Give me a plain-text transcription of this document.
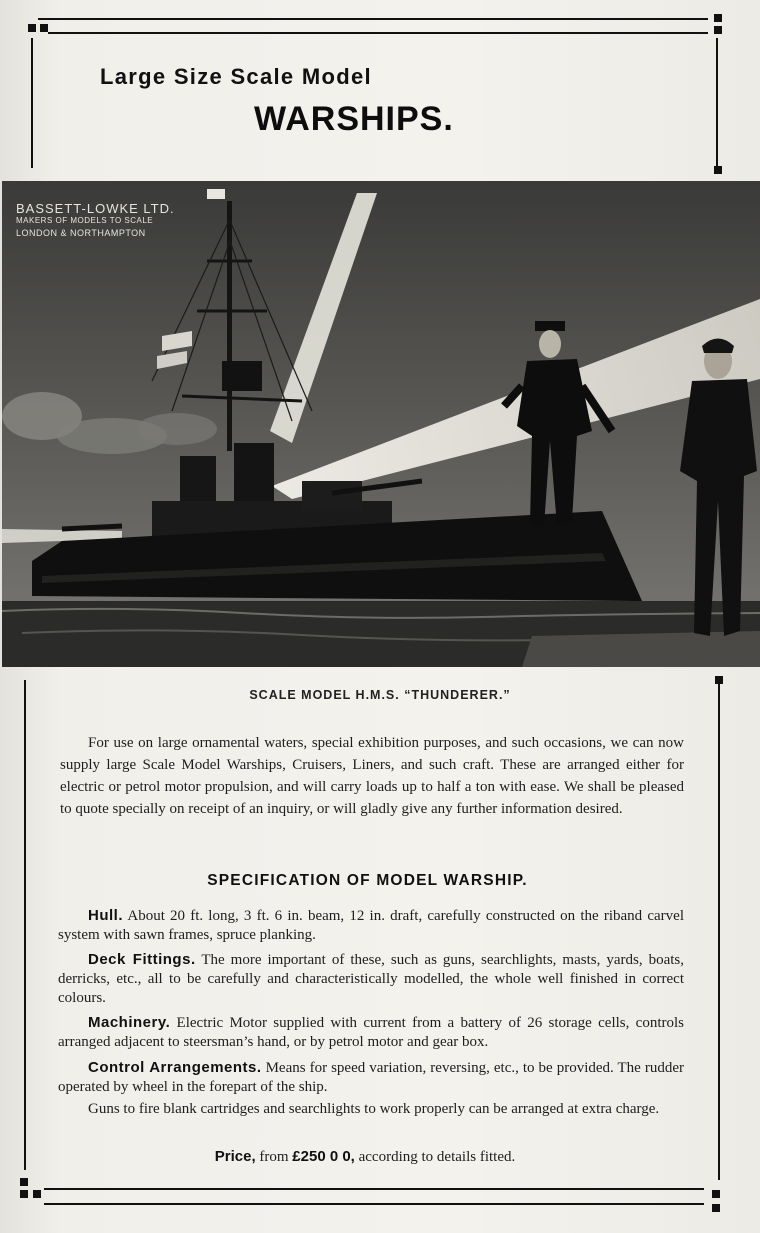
Large Size Scale Model
WARSHIPS.
BASSETT-LOWKE LTD.
MAKERS OF MODELS TO SCALE
LONDON & NORTHAMPTON
SCALE MODEL H.M.S. “THUNDERER.”
For use on large ornamental waters, special exhibition purposes, and such occasions, we can now supply large Scale Model Warships, Cruisers, Liners, and such craft. These are arranged either for electric or petrol motor propulsion, and will carry loads up to half a ton with ease. We shall be pleased to quote specially on receipt of an inquiry, or will gladly give any further information desired.
SPECIFICATION OF MODEL WARSHIP.
Hull. About 20 ft. long, 3 ft. 6 in. beam, 12 in. draft, carefully constructed on the riband carvel system with sawn frames, spruce planking.
Deck Fittings. The more important of these, such as guns, searchlights, masts, yards, boats, derricks, etc., all to be carefully and characteristically modelled, the whole well finished in correct colours.
Machinery. Electric Motor supplied with current from a battery of 26 storage cells, controls arranged adjacent to steersman’s hand, or by petrol motor and gear box.
Control Arrangements. Means for speed variation, reversing, etc., to be provided. The rudder operated by wheel in the forepart of the ship.
Guns to fire blank cartridges and searchlights to work properly can be arranged at extra charge.
Price, from £250 0 0, according to details fitted.
